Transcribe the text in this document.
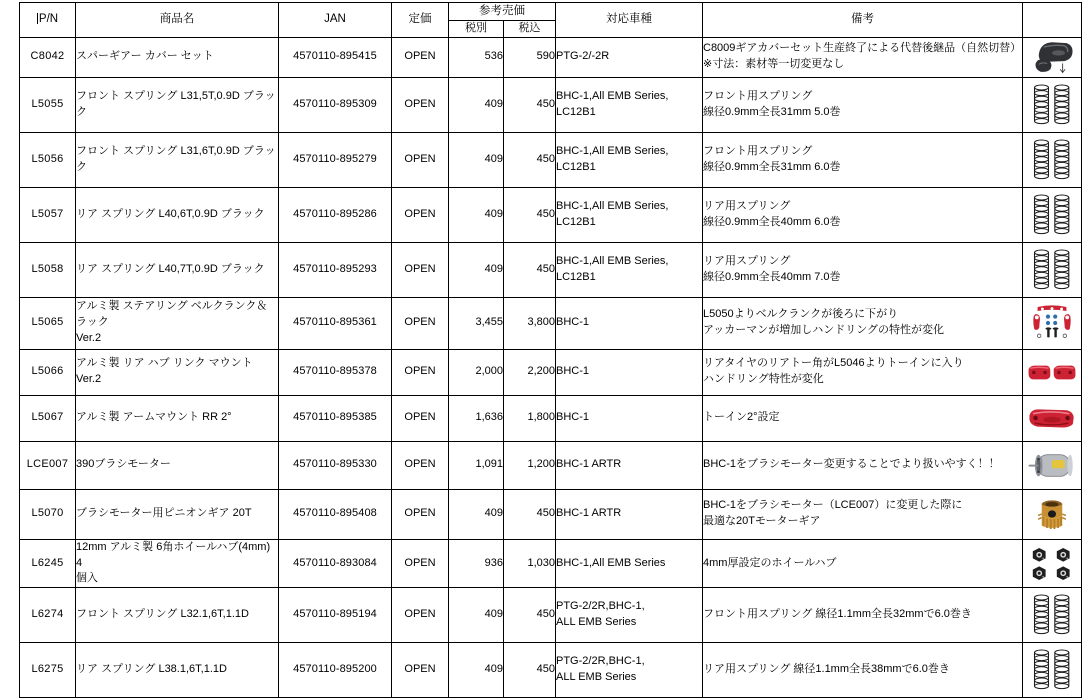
P/N	商品名	JAN	定価	参考売価		対応車種	備考	
				税別	税込			
C8042	スパーギアー カバー セット	4570110-895415	OPEN	536	590	PTG-2/-2R	C8009ギアカバーセット生産終了による代替後継品（自然切替）
※寸法：素材等一切変更なし

L5055	フロント スプリング L31,5T,0.9D ブラック	4570110-895309	OPEN	409	450	BHC-1,All EMB Series,
LC12B1	フロント用スプリング
線径0.9mm全長31mm 5.0巻

L5056	フロント スプリング L31,6T,0.9D ブラック	4570110-895279	OPEN	409	450	BHC-1,All EMB Series,
LC12B1	フロント用スプリング
線径0.9mm全長31mm 6.0巻

L5057	リア スプリング L40,6T,0.9D ブラック	4570110-895286	OPEN	409	450	BHC-1,All EMB Series,
LC12B1	リア用スプリング
線径0.9mm全長40mm 6.0巻

L5058	リア スプリング L40,7T,0.9D ブラック	4570110-895293	OPEN	409	450	BHC-1,All EMB Series,
LC12B1	リア用スプリング
線径0.9mm全長40mm 7.0巻

L5065	アルミ製 ステアリング ベルクランク＆ラック
Ver.2	4570110-895361	OPEN	3,455	3,800	BHC-1	L5050よりベルクランクが後ろに下がり
アッカーマンが増加しハンドリングの特性が変化

L5066	アルミ製 リア ハブ リンク マウント Ver.2	4570110-895378	OPEN	2,000	2,200	BHC-1	リアタイヤのリアトー角がL5046よりトーインに入り
ハンドリング特性が変化

L5067	アルミ製 アームマウント RR 2°	4570110-895385	OPEN	1,636	1,800	BHC-1	トーイン2°設定	

LCE007	390ブラシモーター	4570110-895330	OPEN	1,091	1,200	BHC-1 ARTR	BHC-1をブラシモーター変更することでより扱いやすく！！	

L5070	ブラシモーター用ピニオンギア 20T	4570110-895408	OPEN	409	450	BHC-1 ARTR	BHC-1をブラシモーター（LCE007）に変更した際に
最適な20Tモーターギア

L6245	12mm アルミ製 6角ホイールハブ(4mm) 4
個入	4570110-893084	OPEN	936	1,030	BHC-1,All EMB Series	4mm厚設定のホイールハブ	

L6274	フロント スプリング L32.1,6T,1.1D	4570110-895194	OPEN	409	450	PTG-2/2R,BHC-1,
ALL EMB Series	フロント用スプリング 線径1.1mm全長32mmで6.0巻き	

L6275	リア スプリング L38.1,6T,1.1D	4570110-895200	OPEN	409	450	PTG-2/2R,BHC-1,
ALL EMB Series	リア用スプリング 線径1.1mm全長38mmで6.0巻き	
